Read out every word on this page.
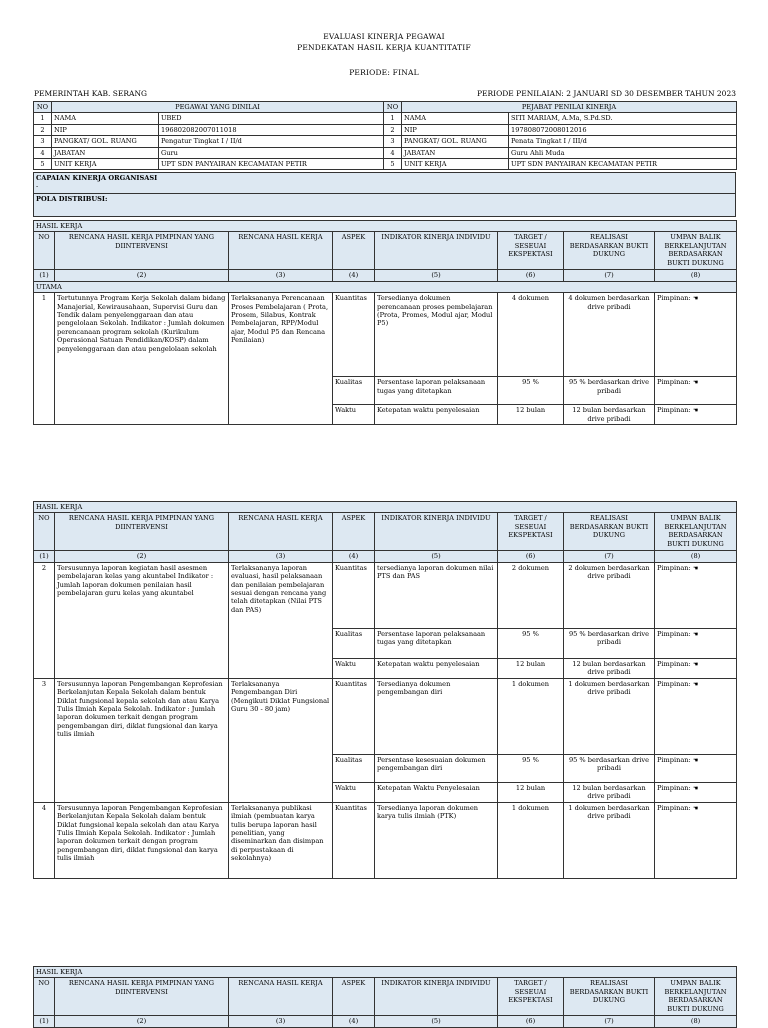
EVALUASI KINERJA PEGAWAI
PENDEKATAN HASIL KERJA KUANTITATIF
PERIODE: FINAL
PEMERINTAH KAB. SERANG	PERIODE PENILAIAN: 2 JANUARI SD 30 DESEMBER TAHUN 2023
NO	PEGAWAI YANG DINILAI		NO	PEJABAT PENILAI KINERJA	
1	NAMA	UBED	1	NAMA	SITI MARIAM, A.Ma, S.Pd.SD.
2	NIP	196802082007011018	2	NIP	197808072008012016
3	PANGKAT/ GOL. RUANG	Pengatur Tingkat I / II/d	3	PANGKAT/ GOL. RUANG	Penata Tingkat I / III/d
4	JABATAN	Guru	4	JABATAN	Guru Ahli Muda
5	UNIT KERJA	UPT SDN PANYAIRAN KECAMATAN PETIR	5	UNIT KERJA	UPT SDN PANYAIRAN KECAMATAN PETIR
CAPAIAN KINERJA ORGANISASI
-

POLA DISTRIBUSI:
HASIL KERJA							
NO	RENCANA HASIL KERJA PIMPINAN YANG DIINTERVENSI	RENCANA HASIL KERJA	ASPEK	INDIKATOR KINERJA INDIVIDU	TARGET / SESEUAI EKSPEKTASI	REALISASI BERDASARKAN BUKTI DUKUNG	UMPAN BALIK BERKELANJUTAN BERDASARKAN BUKTI DUKUNG
(1)	(2)	(3)	(4)	(5)	(6)	(7)	(8)
UTAMA							
1	Tertutunnya Program Kerja Sekolah dalam bidang Manajerial, Kewirausahaan, Supervisi Guru dan Tendik dalam penyelenggaraan dan atau pengelolaan Sekolah. Indikator : Jumlah dokumen perencanaan program sekolah (Kurikulum Operasional Satuan Pendidikan/KOSP) dalam penyelenggaraan dan atau pengelolaan sekolah	Terlaksananya Perencanaan Proses Pembelajaran ( Prota, Prosem, Silabus, Kontrak Pembelajaran, RPP/Modul ajar, Modul P5 dan Rencana Penilaian)	Kuantitas	Tersedianya dokumen perencanaan proses pembelajaran (Prota, Promes, Modul ajar, Modul P5)	4 dokumen	4 dokumen berdasarkan drive pribadi	Pimpinan: ☚
			Kualitas	Persentase laporan pelaksanaan tugas yang ditetapkan	95 %	95 % berdasarkan drive pribadi	Pimpinan: ☚
			Waktu	Ketepatan waktu penyelesaian	12 bulan	12 bulan berdasarkan drive pribadi	Pimpinan: ☚
HASIL KERJA							
NO	RENCANA HASIL KERJA PIMPINAN YANG DIINTERVENSI	RENCANA HASIL KERJA	ASPEK	INDIKATOR KINERJA INDIVIDU	TARGET / SESEUAI EKSPEKTASI	REALISASI BERDASARKAN BUKTI DUKUNG	UMPAN BALIK BERKELANJUTAN BERDASARKAN BUKTI DUKUNG
(1)	(2)	(3)	(4)	(5)	(6)	(7)	(8)
2	Tersusunnya laporan kegiatan hasil asesmen pembelajaran kelas yang akuntabel Indikator : Jumlah laporan dokumen penilaian hasil pembelajaran guru kelas yang akuntabel	Terlaksananya laporan evaluasi, hasil pelaksanaan dan penilaian pembelajaran sesuai dengan rencana yang telah ditetapkan (Nilai PTS dan PAS)	Kuantitas	tersedianya laporan dokumen nilai PTS dan PAS	2 dokumen	2 dokumen berdasarkan drive pribadi	Pimpinan: ☚
			Kualitas	Persentase laporan pelaksanaan tugas yang ditetapkan	95 %	95 % berdasarkan drive pribadi	Pimpinan: ☚
			Waktu	Ketepatan waktu penyelesaian	12 bulan	12 bulan berdasarkan drive pribadi	Pimpinan: ☚
3	Tersusunnya laporan Pengembangan Keprofesian Berkelanjutan Kepala Sekolah dalam bentuk Diklat fungsional kepala sekolah dan atau Karya Tulis Ilmiah Kepala Sekolah. Indikator : Jumlah laporan dokumen terkait dengan program pengembangan diri, diklat fungsional dan karya tulis ilmiah	Terlaksananya Pengembangan Diri (Mengikuti Diklat Fungsional Guru 30 - 80 jam)	Kuantitas	Tersedianya dokumen pengembangan diri	1 dokumen	1 dokumen berdasarkan drive pribadi	Pimpinan: ☚
			Kualitas	Persentase kesesuaian dokumen pengembangan diri	95 %	95 % berdasarkan drive pribadi	Pimpinan: ☚
			Waktu	Ketepatan Waktu Penyelesaian	12 bulan	12 bulan berdasarkan drive pribadi	Pimpinan: ☚
4	Tersusunnya laporan Pengembangan Keprofesian Berkelanjutan Kepala Sekolah dalam bentuk Diklat fungsional kepala sekolah dan atau Karya Tulis Ilmiah Kepala Sekolah. Indikator : Jumlah laporan dokumen terkait dengan program pengembangan diri, diklat fungsional dan karya tulis ilmiah	Terlaksananya publikasi ilmiah (pembuatan karya tulis berupa laporan hasil penelitian, yang diseminarkan dan disimpan di perpustakaan di sekolahnya)	Kuantitas	Tersedianya laporan dokumen karya tulis ilmiah (PTK)	1 dokumen	1 dokumen berdasarkan drive pribadi	Pimpinan: ☚
HASIL KERJA							
NO	RENCANA HASIL KERJA PIMPINAN YANG DIINTERVENSI	RENCANA HASIL KERJA	ASPEK	INDIKATOR KINERJA INDIVIDU	TARGET / SESEUAI EKSPEKTASI	REALISASI BERDASARKAN BUKTI DUKUNG	UMPAN BALIK BERKELANJUTAN BERDASARKAN BUKTI DUKUNG
(1)	(2)	(3)	(4)	(5)	(6)	(7)	(8)
